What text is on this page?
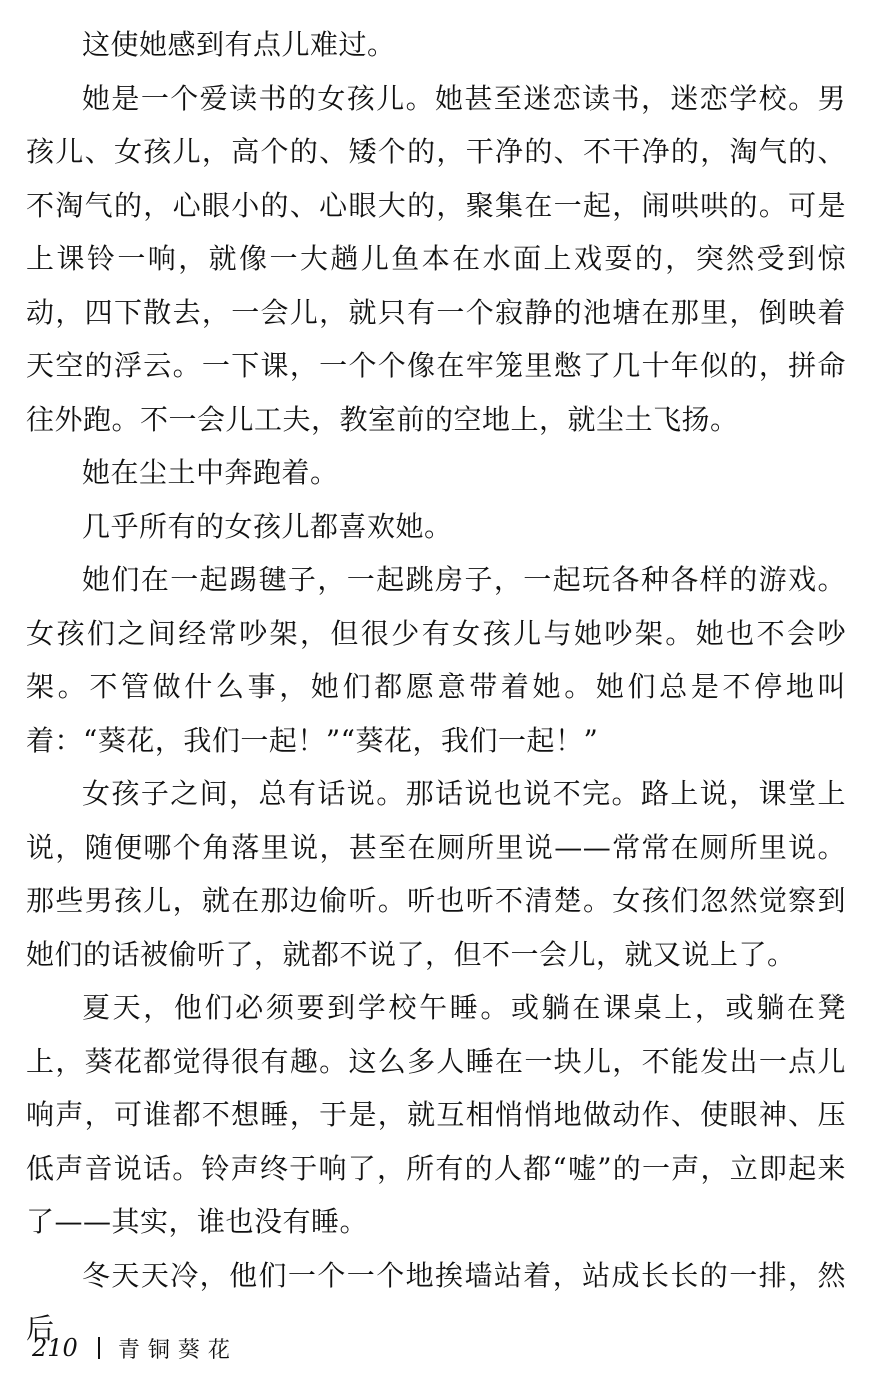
这使她感到有点儿难过。

她是一个爱读书的女孩儿。她甚至迷恋读书，迷恋学校。男孩儿、女孩儿，高个的、矮个的，干净的、不干净的，淘气的、不淘气的，心眼小的、心眼大的，聚集在一起，闹哄哄的。可是上课铃一响，就像一大趟儿鱼本在水面上戏耍的，突然受到惊动，四下散去，一会儿，就只有一个寂静的池塘在那里，倒映着天空的浮云。一下课，一个个像在牢笼里憋了几十年似的，拼命往外跑。不一会儿工夫，教室前的空地上，就尘土飞扬。

她在尘土中奔跑着。

几乎所有的女孩儿都喜欢她。

她们在一起踢毽子，一起跳房子，一起玩各种各样的游戏。女孩们之间经常吵架，但很少有女孩儿与她吵架。她也不会吵架。不管做什么事，她们都愿意带着她。她们总是不停地叫着：“葵花，我们一起！”“葵花，我们一起！”

女孩子之间，总有话说。那话说也说不完。路上说，课堂上说，随便哪个角落里说，甚至在厕所里说——常常在厕所里说。那些男孩儿，就在那边偷听。听也听不清楚。女孩们忽然觉察到她们的话被偷听了，就都不说了，但不一会儿，就又说上了。

夏天，他们必须要到学校午睡。或躺在课桌上，或躺在凳上，葵花都觉得很有趣。这么多人睡在一块儿，不能发出一点儿响声，可谁都不想睡，于是，就互相悄悄地做动作、使眼神、压低声音说话。铃声终于响了，所有的人都“嘘”的一声，立即起来了——其实，谁也没有睡。

冬天天冷，他们一个一个地挨墙站着，站成长长的一排，然后

210 青铜葵花
